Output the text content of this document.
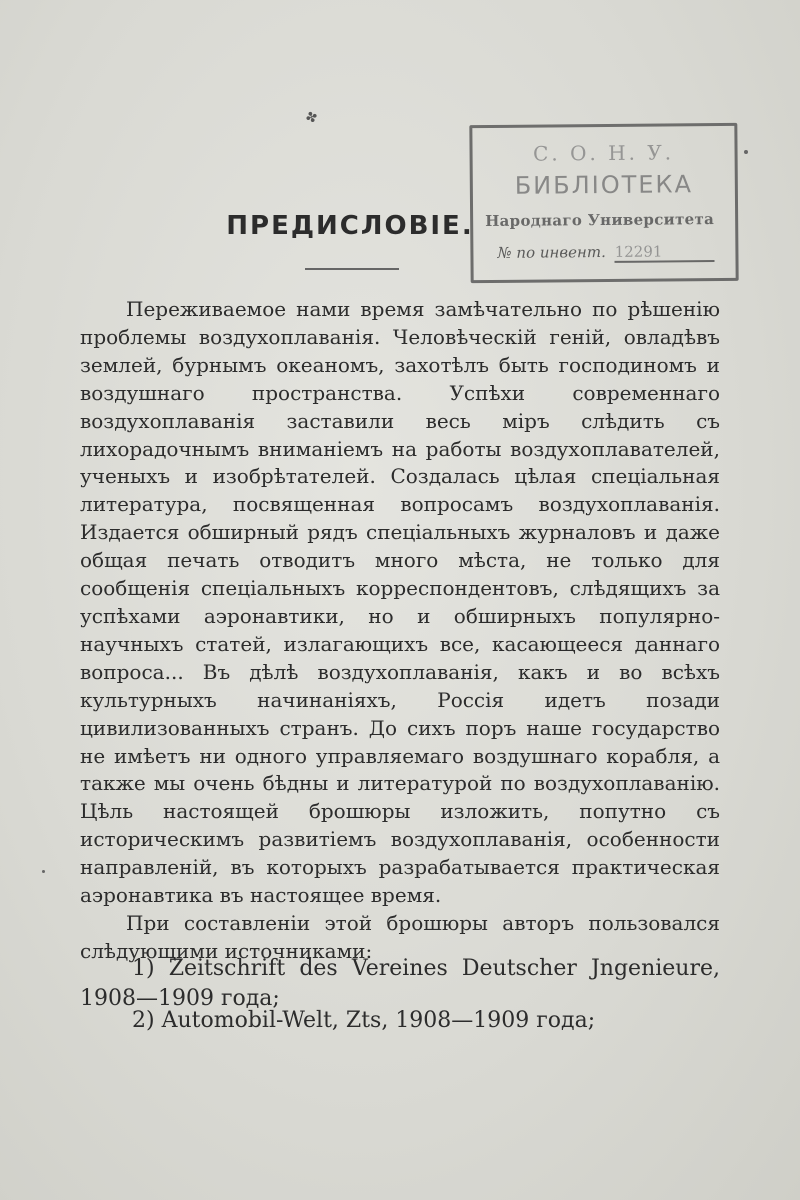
✤
С. О. Н. У.
БИБЛIОТЕКА
Народнаго Университета
№ по инвент. 12291
ПРЕДИСЛОВIЕ.

Переживаемое нами время замѣчательно по рѣшенію проблемы воздухоплаванія. Человѣческій геній, овладѣвъ землей, бурнымъ океаномъ, захотѣлъ быть господиномъ и воздушнаго пространства. Успѣхи современнаго воздухоплаванія заставили весь міръ слѣдить съ лихорадочнымъ вниманіемъ на работы воздухоплавателей, ученыхъ и изобрѣтателей. Создалась цѣлая спеціальная литература, посвященная вопросамъ воздухоплаванія. Издается обширный рядъ спеціальныхъ журналовъ и даже общая печать отводитъ много мѣста, не только для сообщенія спеціальныхъ корреспондентовъ, слѣдящихъ за успѣхами аэронавтики, но и обширныхъ популярно-научныхъ статей, излагающихъ все, касающееся даннаго вопроса... Въ дѣлѣ воздухоплаванія, какъ и во всѣхъ культурныхъ начинаніяхъ, Россія идетъ позади цивилизованныхъ странъ. До сихъ поръ наше государство не имѣетъ ни одного управляемаго воздушнаго корабля, а также мы очень бѣдны и литературой по воздухоплаванію. Цѣль настоящей брошюры изложить, попутно съ историческимъ развитіемъ воздухоплаванія, особенности направленій, въ которыхъ разрабатывается практическая аэронавтика въ настоящее время.

При составленіи этой брошюры авторъ пользовался слѣдующими источниками:

1) Zeitschrift des Vereines Deutscher Jngenieure, 1908—1909 года;
2) Automobil-Welt, Zts, 1908—1909 года;
